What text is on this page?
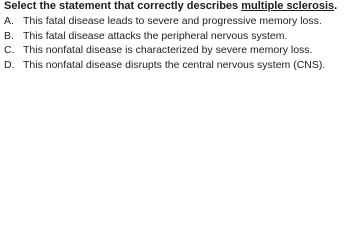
Select the statement that correctly describes multiple sclerosis.
A. This fatal disease leads to severe and progressive memory loss.
B. This fatal disease attacks the peripheral nervous system.
C. This nonfatal disease is characterized by severe memory loss.
D. This nonfatal disease disrupts the central nervous system (CNS).
